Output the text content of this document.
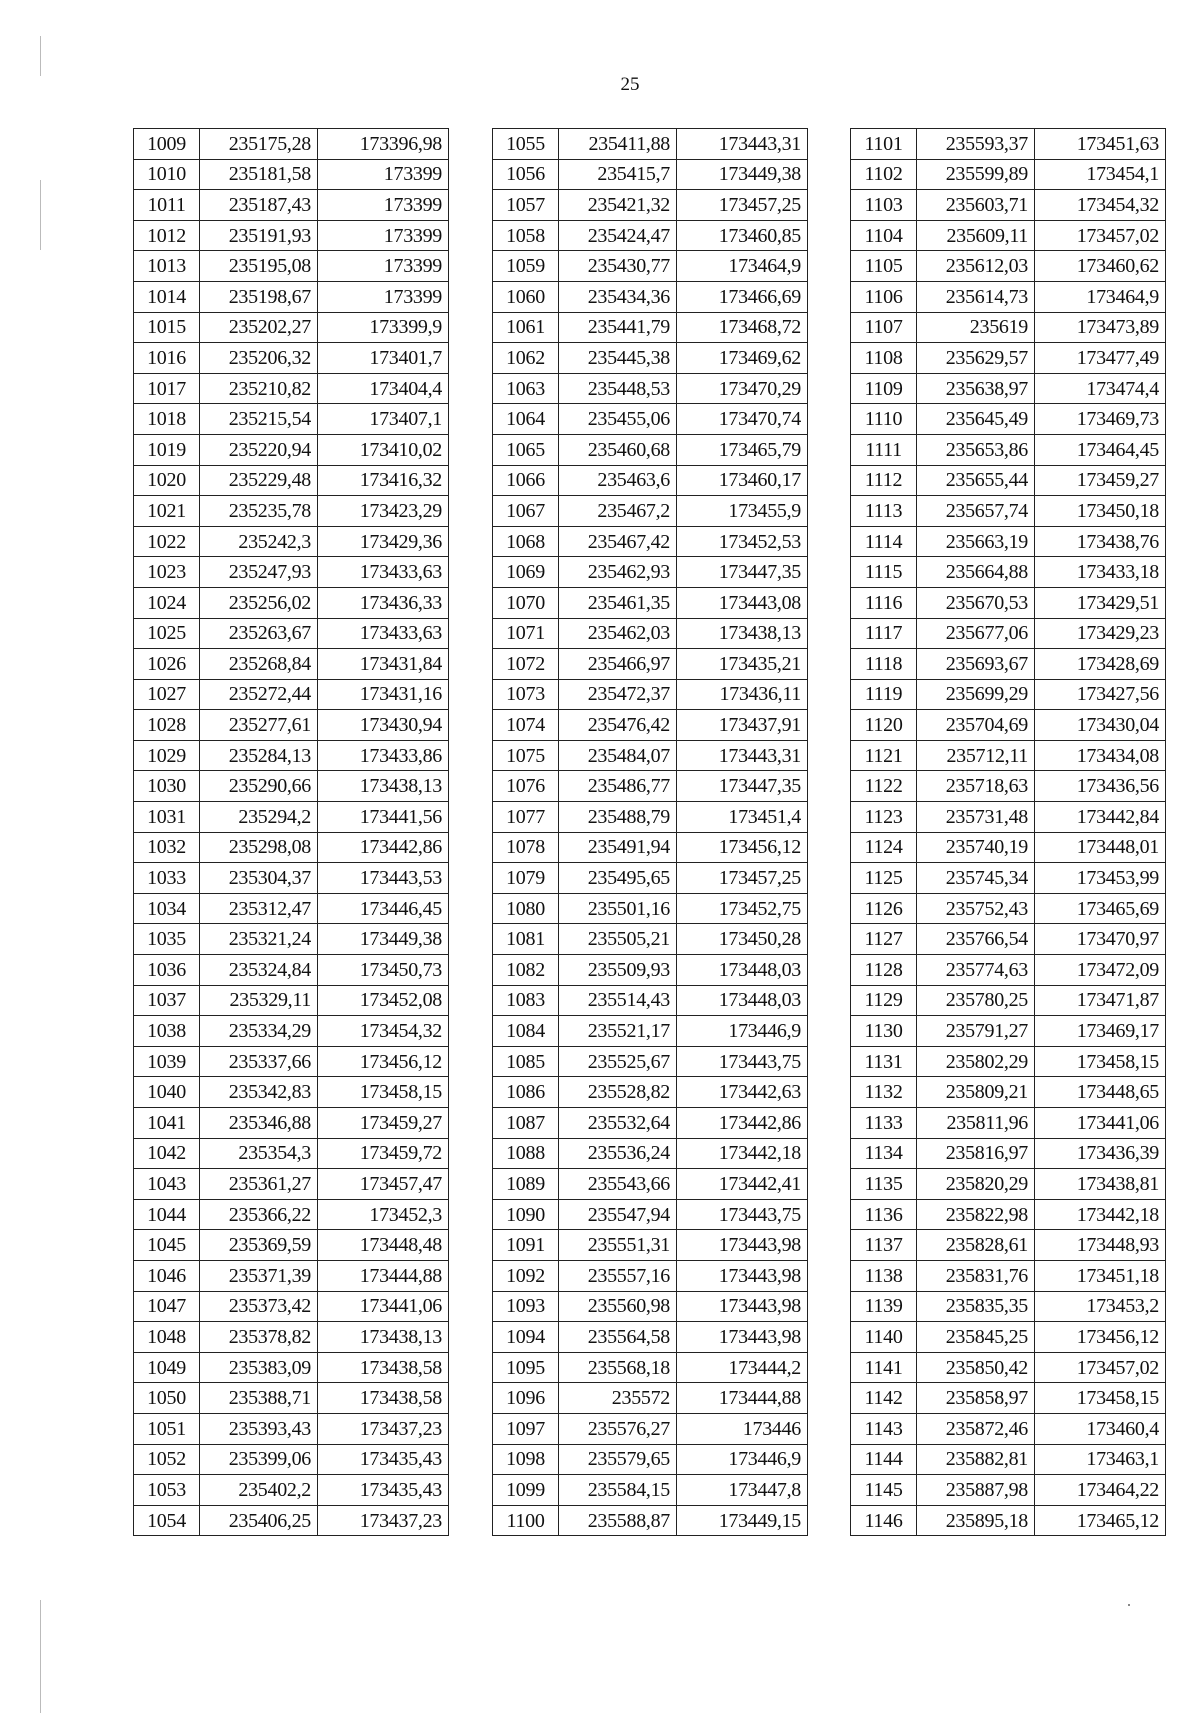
25
1009	235175,28	173396,98
1010	235181,58	173399
1011	235187,43	173399
1012	235191,93	173399
1013	235195,08	173399
1014	235198,67	173399
1015	235202,27	173399,9
1016	235206,32	173401,7
1017	235210,82	173404,4
1018	235215,54	173407,1
1019	235220,94	173410,02
1020	235229,48	173416,32
1021	235235,78	173423,29
1022	235242,3	173429,36
1023	235247,93	173433,63
1024	235256,02	173436,33
1025	235263,67	173433,63
1026	235268,84	173431,84
1027	235272,44	173431,16
1028	235277,61	173430,94
1029	235284,13	173433,86
1030	235290,66	173438,13
1031	235294,2	173441,56
1032	235298,08	173442,86
1033	235304,37	173443,53
1034	235312,47	173446,45
1035	235321,24	173449,38
1036	235324,84	173450,73
1037	235329,11	173452,08
1038	235334,29	173454,32
1039	235337,66	173456,12
1040	235342,83	173458,15
1041	235346,88	173459,27
1042	235354,3	173459,72
1043	235361,27	173457,47
1044	235366,22	173452,3
1045	235369,59	173448,48
1046	235371,39	173444,88
1047	235373,42	173441,06
1048	235378,82	173438,13
1049	235383,09	173438,58
1050	235388,71	173438,58
1051	235393,43	173437,23
1052	235399,06	173435,43
1053	235402,2	173435,43
1054	235406,25	173437,23
1055	235411,88	173443,31
1056	235415,7	173449,38
1057	235421,32	173457,25
1058	235424,47	173460,85
1059	235430,77	173464,9
1060	235434,36	173466,69
1061	235441,79	173468,72
1062	235445,38	173469,62
1063	235448,53	173470,29
1064	235455,06	173470,74
1065	235460,68	173465,79
1066	235463,6	173460,17
1067	235467,2	173455,9
1068	235467,42	173452,53
1069	235462,93	173447,35
1070	235461,35	173443,08
1071	235462,03	173438,13
1072	235466,97	173435,21
1073	235472,37	173436,11
1074	235476,42	173437,91
1075	235484,07	173443,31
1076	235486,77	173447,35
1077	235488,79	173451,4
1078	235491,94	173456,12
1079	235495,65	173457,25
1080	235501,16	173452,75
1081	235505,21	173450,28
1082	235509,93	173448,03
1083	235514,43	173448,03
1084	235521,17	173446,9
1085	235525,67	173443,75
1086	235528,82	173442,63
1087	235532,64	173442,86
1088	235536,24	173442,18
1089	235543,66	173442,41
1090	235547,94	173443,75
1091	235551,31	173443,98
1092	235557,16	173443,98
1093	235560,98	173443,98
1094	235564,58	173443,98
1095	235568,18	173444,2
1096	235572	173444,88
1097	235576,27	173446
1098	235579,65	173446,9
1099	235584,15	173447,8
1100	235588,87	173449,15
1101	235593,37	173451,63
1102	235599,89	173454,1
1103	235603,71	173454,32
1104	235609,11	173457,02
1105	235612,03	173460,62
1106	235614,73	173464,9
1107	235619	173473,89
1108	235629,57	173477,49
1109	235638,97	173474,4
1110	235645,49	173469,73
1111	235653,86	173464,45
1112	235655,44	173459,27
1113	235657,74	173450,18
1114	235663,19	173438,76
1115	235664,88	173433,18
1116	235670,53	173429,51
1117	235677,06	173429,23
1118	235693,67	173428,69
1119	235699,29	173427,56
1120	235704,69	173430,04
1121	235712,11	173434,08
1122	235718,63	173436,56
1123	235731,48	173442,84
1124	235740,19	173448,01
1125	235745,34	173453,99
1126	235752,43	173465,69
1127	235766,54	173470,97
1128	235774,63	173472,09
1129	235780,25	173471,87
1130	235791,27	173469,17
1131	235802,29	173458,15
1132	235809,21	173448,65
1133	235811,96	173441,06
1134	235816,97	173436,39
1135	235820,29	173438,81
1136	235822,98	173442,18
1137	235828,61	173448,93
1138	235831,76	173451,18
1139	235835,35	173453,2
1140	235845,25	173456,12
1141	235850,42	173457,02
1142	235858,97	173458,15
1143	235872,46	173460,4
1144	235882,81	173463,1
1145	235887,98	173464,22
1146	235895,18	173465,12
